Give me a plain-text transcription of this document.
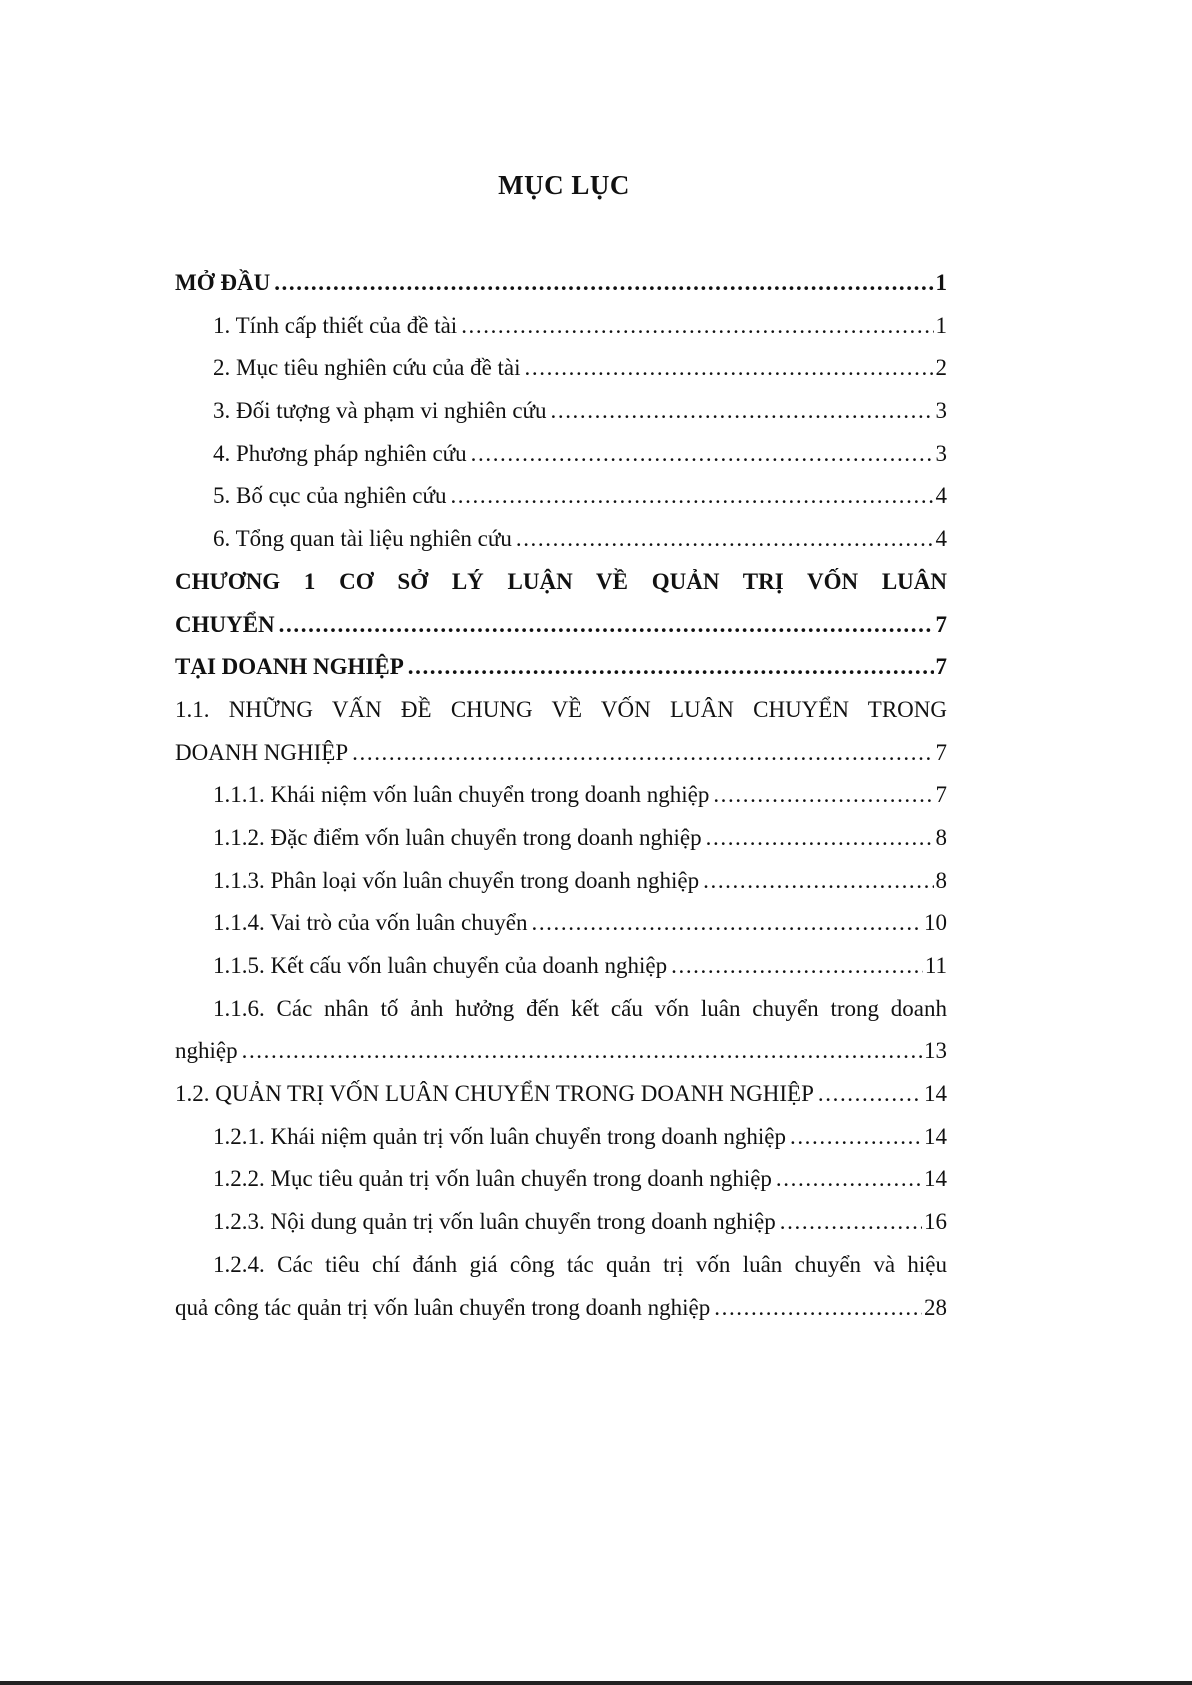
MỤC LỤC
MỞ ĐẦU .....	1
1. Tính cấp thiết của đề tài .....	1
2. Mục tiêu nghiên cứu của đề tài .....	2
3. Đối tượng và phạm vi nghiên cứu .....	3
4. Phương pháp nghiên cứu .....	3
5. Bố cục của nghiên cứu .....	4
6. Tổng quan tài liệu nghiên cứu .....	4
CHƯƠNG 1 CƠ SỞ LÝ LUẬN VỀ QUẢN TRỊ VỐN LUÂN
CHUYỂN .....	7
TẠI DOANH NGHIỆP .....	7
1.1. NHỮNG VẤN ĐỀ CHUNG VỀ VỐN LUÂN CHUYỂN TRONG
DOANH NGHIỆP .....	7
1.1.1. Khái niệm vốn luân chuyển trong doanh nghiệp .....	7
1.1.2. Đặc điểm vốn luân chuyển trong doanh nghiệp .....	8
1.1.3. Phân loại vốn luân chuyển trong doanh nghiệp .....	8
1.1.4. Vai trò của vốn luân chuyển .....	10
1.1.5. Kết cấu vốn luân chuyển của doanh nghiệp .....	11
1.1.6. Các nhân tố ảnh hưởng đến kết cấu vốn luân chuyển trong doanh
nghiệp .....	13
1.2. QUẢN TRỊ VỐN LUÂN CHUYỂN TRONG DOANH NGHIỆP .....	14
1.2.1. Khái niệm quản trị vốn luân chuyển trong doanh nghiệp .....	14
1.2.2. Mục tiêu quản trị vốn luân chuyển trong doanh nghiệp .....	14
1.2.3. Nội dung quản trị vốn luân chuyển trong doanh nghiệp .....	16
1.2.4. Các tiêu chí đánh giá công tác quản trị vốn luân chuyển và hiệu
quả công tác quản trị vốn luân chuyển trong doanh nghiệp .....	28
